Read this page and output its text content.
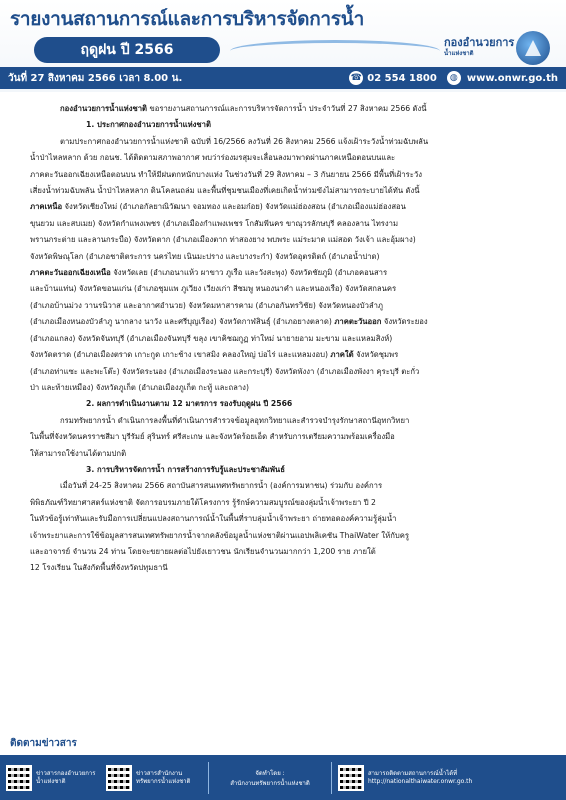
รายงานสถานการณ์และการบริหารจัดการน้ำ
ฤดูฝน ปี 2566	กองอำนวยการ
น้ำแห่งชาติ
วันที่ 27 สิงหาคม 2566 เวลา 8.00 น.	☎ 02 554 1800	◍ www.onwr.go.th
กองอำนวยการน้ำแห่งชาติ ขอรายงานสถานการณ์และการบริหารจัดการน้ำ ประจำวันที่ 27 สิงหาคม 2566 ดังนี้
1. ประกาศกองอำนวยการน้ำแห่งชาติ
ตามประกาศกองอำนวยการน้ำแห่งชาติ ฉบับที่ 16/2566 ลงวันที่ 26 สิงหาคม 2566 แจ้งเฝ้าระวังน้ำท่วมฉับพลัน
น้ำป่าไหลหลาก ด้วย กอนช. ได้ติดตามสภาพอากาศ พบว่าร่องมรสุมจะเลื่อนลงมาพาดผ่านภาคเหนือตอนบนและ
ภาคตะวันออกเฉียงเหนือตอนบน ทำให้มีฝนตกหนักบางแห่ง ในช่วงวันที่ 29 สิงหาคม – 3 กันยายน 2566 มีพื้นที่เฝ้าระวัง
เสี่ยงน้ำท่วมฉับพลัน น้ำป่าไหลหลาก ดินโคลนถล่ม และพื้นที่ชุมชนเมืองที่เคยเกิดน้ำท่วมขังไม่สามารถระบายได้ทัน ดังนี้
ภาคเหนือ จังหวัดเชียงใหม่ (อำเภอกัลยาณิวัฒนา จอมทอง และอมก๋อย) จังหวัดแม่ฮ่องสอน (อำเภอเมืองแม่ฮ่องสอน
ขุนยวม และสบเมย) จังหวัดกำแพงเพชร (อำเภอเมืองกำแพงเพชร โกสัมพีนคร ขาณุวรลักษบุรี คลองลาน ไทรงาม
พรานกระต่าย และลานกระบือ) จังหวัดตาก (อำเภอเมืองตาก ท่าสองยาง พบพระ แม่ระมาด แม่สอด วังเจ้า และอุ้มผาง)
จังหวัดพิษณุโลก (อำเภอชาติตระการ นครไทย เนินมะปราง และบางระกำ) จังหวัดอุตรดิตถ์ (อำเภอน้ำปาด)
ภาคตะวันออกเฉียงเหนือ จังหวัดเลย (อำเภอนาแห้ว ผาขาว ภูเรือ และวังสะพุง) จังหวัดชัยภูมิ (อำเภอคอนสาร
และบ้านแท่น) จังหวัดขอนแก่น (อำเภอชุมแพ ภูเวียง เวียงเก่า สีชมพู หนองนาคำ และหนองเรือ) จังหวัดสกลนคร
(อำเภอบ้านม่วง วานรนิวาส และอากาศอำนวย) จังหวัดมหาสารคาม (อำเภอกันทรวิชัย) จังหวัดหนองบัวลำภู
(อำเภอเมืองหนองบัวลำภู นากลาง นาวัง และศรีบุญเรือง) จังหวัดกาฬสินธุ์ (อำเภอยางตลาด) ภาคตะวันออก จังหวัดระยอง
(อำเภอแกลง) จังหวัดจันทบุรี (อำเภอเมืองจันทบุรี ขลุง เขาคิชฌกูฏ ท่าใหม่ นายายอาม มะขาม และแหลมสิงห์)
จังหวัดตราด (อำเภอเมืองตราด เกาะกูด เกาะช้าง เขาสมิง คลองใหญ่ บ่อไร่ และแหลมงอบ) ภาคใต้ จังหวัดชุมพร
(อำเภอท่าแซะ และพะโต๊ะ) จังหวัดระนอง (อำเภอเมืองระนอง และกระบุรี) จังหวัดพังงา (อำเภอเมืองพังงา คุระบุรี ตะกั่ว
ป่า และท้ายเหมือง) จังหวัดภูเก็ต (อำเภอเมืองภูเก็ต กะทู้ และถลาง)
2. ผลการดำเนินงานตาม 12 มาตรการ รองรับฤดูฝน ปี 2566
กรมทรัพยากรน้ำ ดำเนินการลงพื้นที่ดำเนินการสำรวจข้อมูลอุทกวิทยาและสำรวจบำรุงรักษาสถานีอุทกวิทยา
ในพื้นที่จังหวัดนครราชสีมา บุรีรัมย์ สุรินทร์ ศรีสะเกษ และจังหวัดร้อยเอ็ด สำหรับการเตรียมความพร้อมเครื่องมือ
ให้สามารถใช้งานได้ตามปกติ
3. การบริหารจัดการน้ำ การสร้างการรับรู้และประชาสัมพันธ์
เมื่อวันที่ 24-25 สิงหาคม 2566 สถาบันสารสนเทศทรัพยากรน้ำ (องค์การมหาชน) ร่วมกับ องค์การ
พิพิธภัณฑ์วิทยาศาสตร์แห่งชาติ จัดการอบรมภายใต้โครงการ รู้รักษ์ความสมบูรณ์ของลุ่มน้ำเจ้าพระยา ปี 2
ในหัวข้อรู้เท่าทันและรับมือการเปลี่ยนแปลงสถานการณ์น้ำในพื้นที่ราบลุ่มน้ำเจ้าพระยา ถ่ายทอดองค์ความรู้ลุ่มน้ำ
เจ้าพระยาและการใช้ข้อมูลสารสนเทศทรัพยากรน้ำจากคลังข้อมูลน้ำแห่งชาติผ่านแอปพลิเคชัน ThaiWater ให้กับครู
และอาจารย์ จำนวน 24 ท่าน โดยจะขยายผลต่อไปยังเยาวชน นักเรียนจำนวนมากกว่า 1,200 ราย ภายใต้
12 โรงเรียน ในสังกัดพื้นที่จังหวัดปทุมธานี
ติดตามข่าวสาร
ข่าวสารกองอำนวยการน้ำแห่งชาติ
ข่าวสารสำนักงานทรัพยากรน้ำแห่งชาติ
จัดทำโดย :
สำนักงานทรัพยากรน้ำแห่งชาติ
สามารถติดตามสถานการณ์น้ำได้ที่
http://nationalthaiwater.onwr.go.th
